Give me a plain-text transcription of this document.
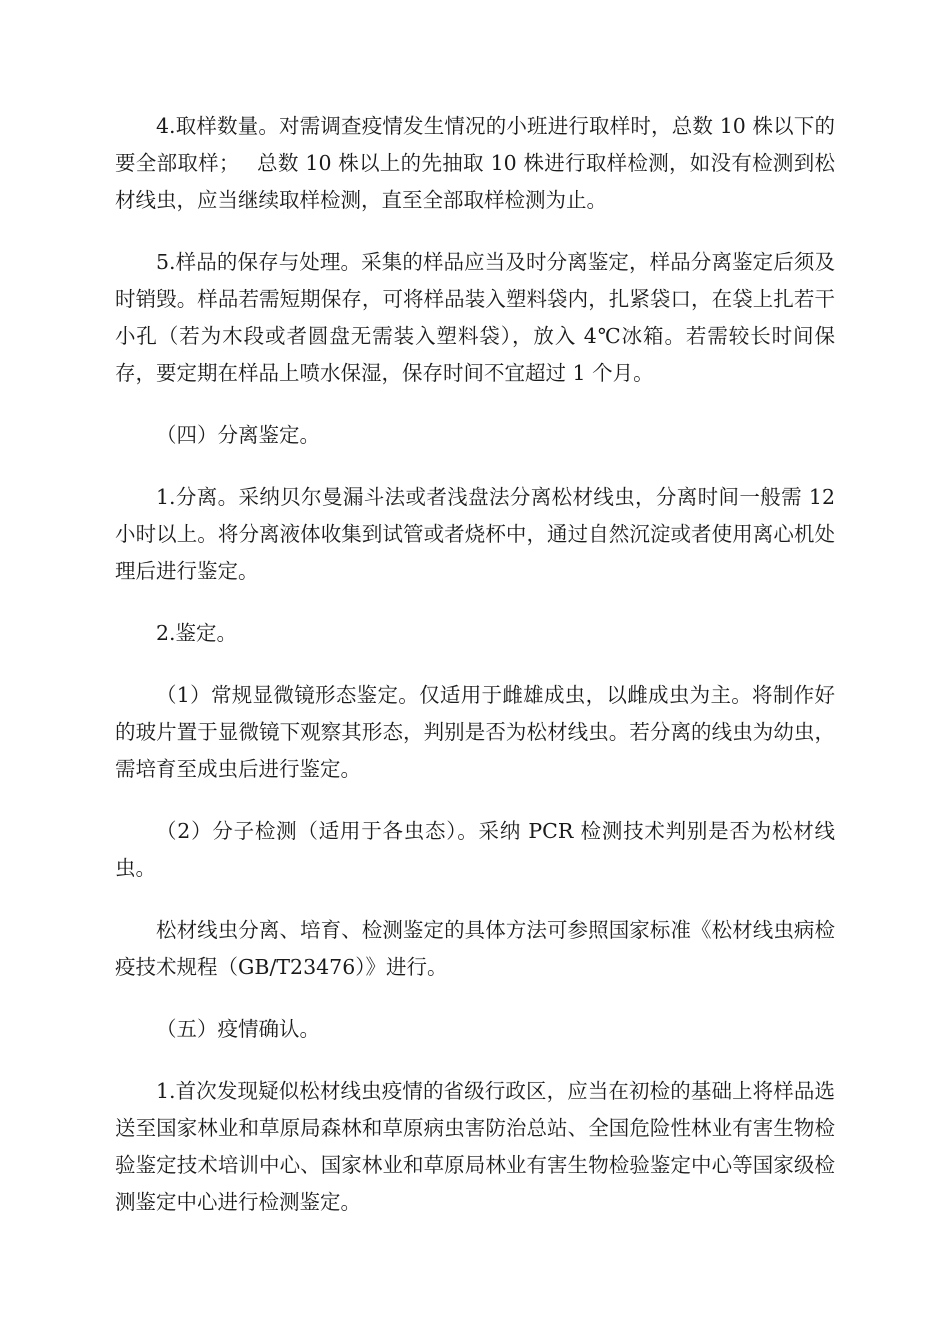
4.取样数量。对需调查疫情发生情况的小班进行取样时，总数 10 株以下的要全部取样；　 总数 10 株以上的先抽取 10 株进行取样检测，如没有检测到松材线虫，应当继续取样检测，直至全部取样检测为止。

5.样品的保存与处理。采集的样品应当及时分离鉴定，样品分离鉴定后须及时销毁。样品若需短期保存，可将样品装入塑料袋内，扎紧袋口，在袋上扎若干小孔（若为木段或者圆盘无需装入塑料袋），放入 4℃冰箱。若需较长时间保存，要定期在样品上喷水保湿，保存时间不宜超过 1 个月。

（四）分离鉴定。

1.分离。采纳贝尔曼漏斗法或者浅盘法分离松材线虫，分离时间一般需 12 小时以上。将分离液体收集到试管或者烧杯中，通过自然沉淀或者使用离心机处理后进行鉴定。

2.鉴定。

（1）常规显微镜形态鉴定。仅适用于雌雄成虫，以雌成虫为主。将制作好的玻片置于显微镜下观察其形态，判别是否为松材线虫。若分离的线虫为幼虫，需培育至成虫后进行鉴定。

（2）分子检测（适用于各虫态）。采纳 PCR 检测技术判别是否为松材线虫。

松材线虫分离、培育、检测鉴定的具体方法可参照国家标准《松材线虫病检疫技术规程（GB/T23476）》进行。

（五）疫情确认。

1.首次发现疑似松材线虫疫情的省级行政区，应当在初检的基础上将样品选送至国家林业和草原局森林和草原病虫害防治总站、全国危险性林业有害生物检验鉴定技术培训中心、国家林业和草原局林业有害生物检验鉴定中心等国家级检测鉴定中心进行检测鉴定。
